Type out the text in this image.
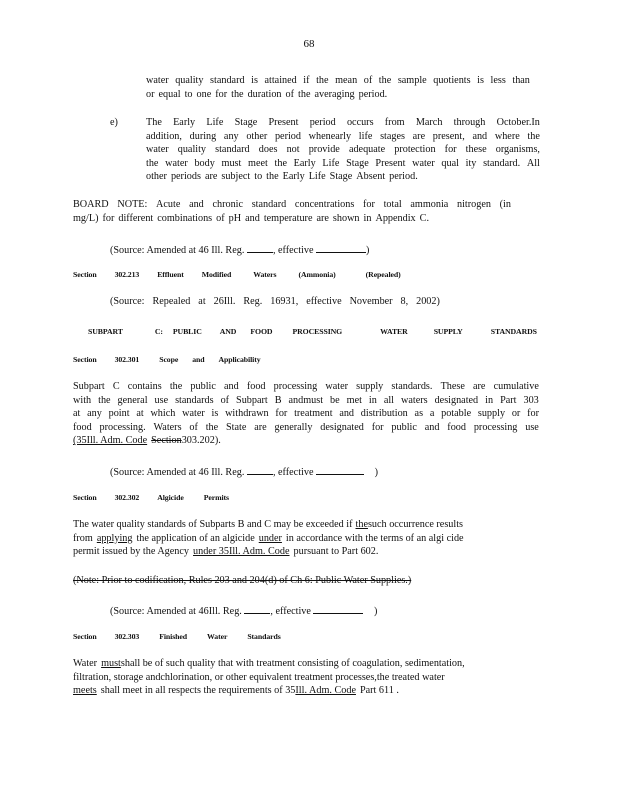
68
water quality standard is attained if the mean of the sample quotients is less than
or equal to one for the duration of the averaging period.
e)	The Early Life Stage Present period occurs from March through October.In
addition, during any other period whenearly life stages are present, and where the
water quality standard does not provide adequate protection for these organisms,
the water body must meet the Early Life Stage Present water qual ity standard. All
other periods are subject to the Early Life Stage Absent period.
BOARD NOTE: Acute and chronic standard concentrations for total ammonia nitrogen (in
mg/L) for different combinations of pH and temperature are shown in Appendix C.
(Source: Amended at 46 Ill. Reg.	, effective	)
Section 302.213 Effluent Modified	Waters	(Ammonia)	(Repealed)
(Source: Repealed at 26Ill. Reg. 16931, effective November 8, 2002)
SUBPART	C: PUBLIC AND FOOD	PROCESSING	WATER	SUPPLY	STANDARDS
Section 302.301	Scope and Applicability
Subpart C contains the public and food processing water supply standards. These are cumulative
with the general use standards of Subpart B andmust be met in all waters designated in Part 303
at any point at which water is withdrawn for treatment and distribution as a potable supply or for
food processing. Waters of the State are generally designated for public and food processing use
(35Ill. Adm. Code Section 303.202).
(Source: Amended at 46 Ill. Reg.	, effective	)
Section 302.302 Algicide	Permits
The water quality standards of Subparts B and C may be exceeded if the such occurrence results
from applying the application of an algicide under in accordance with the terms of an algi cide
permit issued by the Agency under 35Ill. Adm. Code pursuant to Part 602.
(Note: Prior to codification, Rules 203 and 204(d) of Ch 6: Public Water Supplies.)
(Source: Amended at 46Ill. Reg.	, effective	)
Section 302.303	Finished	Water	Standards
Water must shall be of such quality that with treatment consisting of coagulation, sedimentation,
filtration, storage andchlorination, or other equivalent treatment processes,the treated water
meets shall meet in all respects the requirements of 35 Ill. Adm. Code Part 611 .
